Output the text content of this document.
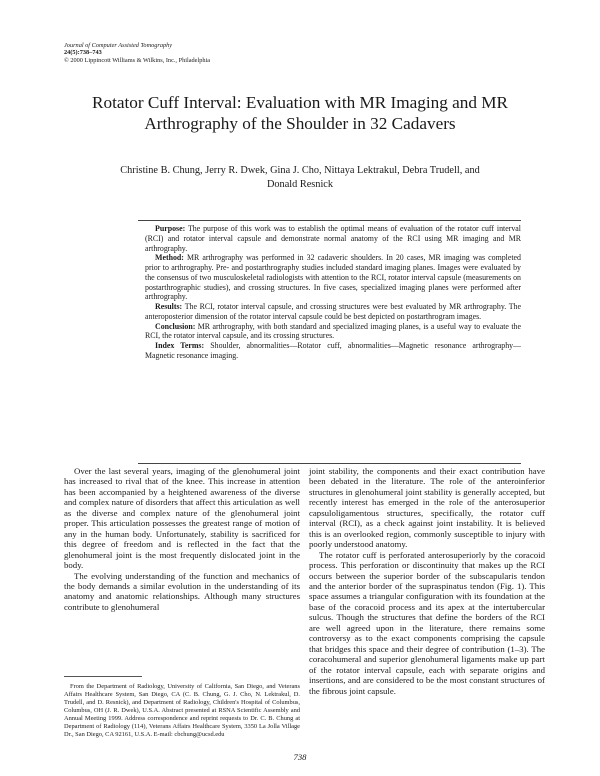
Journal of Computer Assisted Tomography
24(5):738–743
© 2000 Lippincott Williams & Wilkins, Inc., Philadelphia
Rotator Cuff Interval: Evaluation with MR Imaging and MR
Arthrography of the Shoulder in 32 Cadavers
Christine B. Chung, Jerry R. Dwek, Gina J. Cho, Nittaya Lektrakul, Debra Trudell, and
Donald Resnick

Purpose: The purpose of this work was to establish the optimal means of evaluation of the rotator cuff interval (RCI) and rotator interval capsule and demonstrate normal anatomy of the RCI using MR imaging and MR arthrography.

Method: MR arthrography was performed in 32 cadaveric shoulders. In 20 cases, MR imaging was completed prior to arthrography. Pre- and postarthrography studies included standard imaging planes. Images were evaluated by the consensus of two musculoskeletal radiologists with attention to the RCI, rotator interval capsule (measurements on postarthrographic studies), and crossing structures. In five cases, specialized imaging planes were performed after arthrography.

Results: The RCI, rotator interval capsule, and crossing structures were best evaluated by MR arthrography. The anteroposterior dimension of the rotator interval capsule could be best depicted on postarthrogram images.

Conclusion: MR arthrography, with both standard and specialized imaging planes, is a useful way to evaluate the RCI, the rotator interval capsule, and its crossing structures.

Index Terms: Shoulder, abnormalities—Rotator cuff, abnormalities—Magnetic resonance arthrography—Magnetic resonance imaging.

Over the last several years, imaging of the glenohumeral joint has increased to rival that of the knee. This increase in attention has been accompanied by a heightened awareness of the diverse and complex nature of disorders that affect this articulation as well as the diverse and complex nature of the glenohumeral joint proper. This articulation possesses the greatest range of motion of any in the human body. Unfortunately, stability is sacrificed for this degree of freedom and is reflected in the fact that the glenohumeral joint is the most frequently dislocated joint in the body.

The evolving understanding of the function and mechanics of the body demands a similar evolution in the understanding of its anatomy and anatomic relationships. Although many structures contribute to glenohumeral

joint stability, the components and their exact contribution have been debated in the literature. The role of the anteroinferior structures in glenohumeral joint stability is generally accepted, but recently interest has emerged in the role of the anterosuperior capsuloligamentous structures, specifically, the rotator cuff interval (RCI), as a check against joint instability. It is believed this is an overlooked region, commonly susceptible to injury with poorly understood anatomy.

The rotator cuff is perforated anterosuperiorly by the coracoid process. This perforation or discontinuity that makes up the RCI occurs between the superior border of the subscapularis tendon and the anterior border of the supraspinatus tendon (Fig. 1). This space assumes a triangular configuration with its foundation at the base of the coracoid process and its apex at the intertubercular sulcus. Though the structures that define the borders of the RCI are well agreed upon in the literature, there remains some controversy as to the exact components comprising the capsule that bridges this space and their degree of contribution (1–3). The coracohumeral and superior glenohumeral ligaments make up part of the rotator interval capsule, each with separate origins and insertions, and are considered to be the most constant structures of the fibrous joint capsule.

From the Department of Radiology, University of California, San Diego, and Veterans Affairs Healthcare System, San Diego, CA (C. B. Chung, G. J. Cho, N. Lektrakul, D. Trudell, and D. Resnick), and Department of Radiology, Children's Hospital of Columbus, Columbus, OH (J. R. Dwek), U.S.A. Abstract presented at RSNA Scientific Assembly and Annual Meeting 1999. Address correspondence and reprint requests to Dr. C. B. Chung at Department of Radiology (114), Veterans Affairs Healthcare System, 3350 La Jolla Village Dr., San Diego, CA 92161, U.S.A. E-mail: cbchung@ucsd.edu

738
